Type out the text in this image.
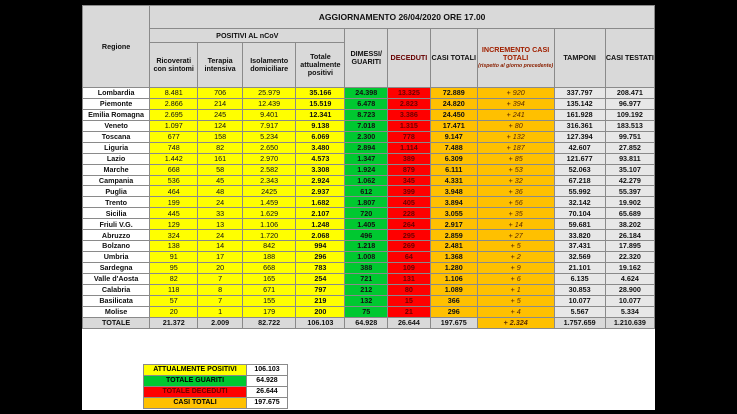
Regione	AGGIORNAMENTO 26/04/2020 ORE 17.00									
	POSITIVI AL nCoV				DIMESSI/ GUARITI	DECEDUTI	CASI TOTALI	INCREMENTO CASI TOTALI
(rispetto al giorno precedente)	TAMPONI	CASI TESTATI
	Ricoverati con sintomi	Terapia intensiva	Isolamento domiciliare	Totale attualmente positivi						
Lombardia	8.481	706	25.979	35.166	24.398	13.325	72.889	+ 920	337.797	208.471
Piemonte	2.866	214	12.439	15.519	6.478	2.823	24.820	+ 394	135.142	96.977
Emilia Romagna	2.695	245	9.401	12.341	8.723	3.386	24.450	+ 241	161.928	109.192
Veneto	1.097	124	7.917	9.138	7.018	1.315	17.471	+ 80	316.361	183.513
Toscana	677	158	5.234	6.069	2.300	778	9.147	+ 132	127.394	99.751
Liguria	748	82	2.650	3.480	2.894	1.114	7.488	+ 187	42.607	27.852
Lazio	1.442	161	2.970	4.573	1.347	389	6.309	+ 85	121.677	93.811
Marche	668	58	2.582	3.308	1.924	879	6.111	+ 53	52.063	35.107
Campania	536	45	2.343	2.924	1.062	345	4.331	+ 32	67.218	42.279
Puglia	464	48	2425	2.937	612	399	3.948	+ 36	55.992	55.397
Trento	199	24	1.459	1.682	1.807	405	3.894	+ 56	32.142	19.902
Sicilia	445	33	1.629	2.107	720	228	3.055	+ 35	70.104	65.689
Friuli V.G.	129	13	1.106	1.248	1.405	264	2.917	+ 14	59.681	38.202
Abruzzo	324	24	1.720	2.068	496	295	2.859	+ 27	33.820	26.184
Bolzano	138	14	842	994	1.218	269	2.481	+ 5	37.431	17.895
Umbria	91	17	188	296	1.008	64	1.368	+ 2	32.569	22.320
Sardegna	95	20	668	783	388	109	1.280	+ 9	21.101	19.162
Valle d'Aosta	82	7	165	254	721	131	1.106	+ 6	6.135	4.624
Calabria	118	8	671	797	212	80	1.089	+ 1	30.853	28.900
Basilicata	57	7	155	219	132	15	366	+ 5	10.077	10.077
Molise	20	1	179	200	75	21	296	+ 4	5.567	5.334
TOTALE	21.372	2.009	82.722	106.103	64.928	26.644	197.675	+ 2.324	1.757.659	1.210.639
ATTUALMENTE POSITIVI	106.103
TOTALE GUARITI	64.928
TOTALE DECEDUTI	26.644
CASI TOTALI	197.675
